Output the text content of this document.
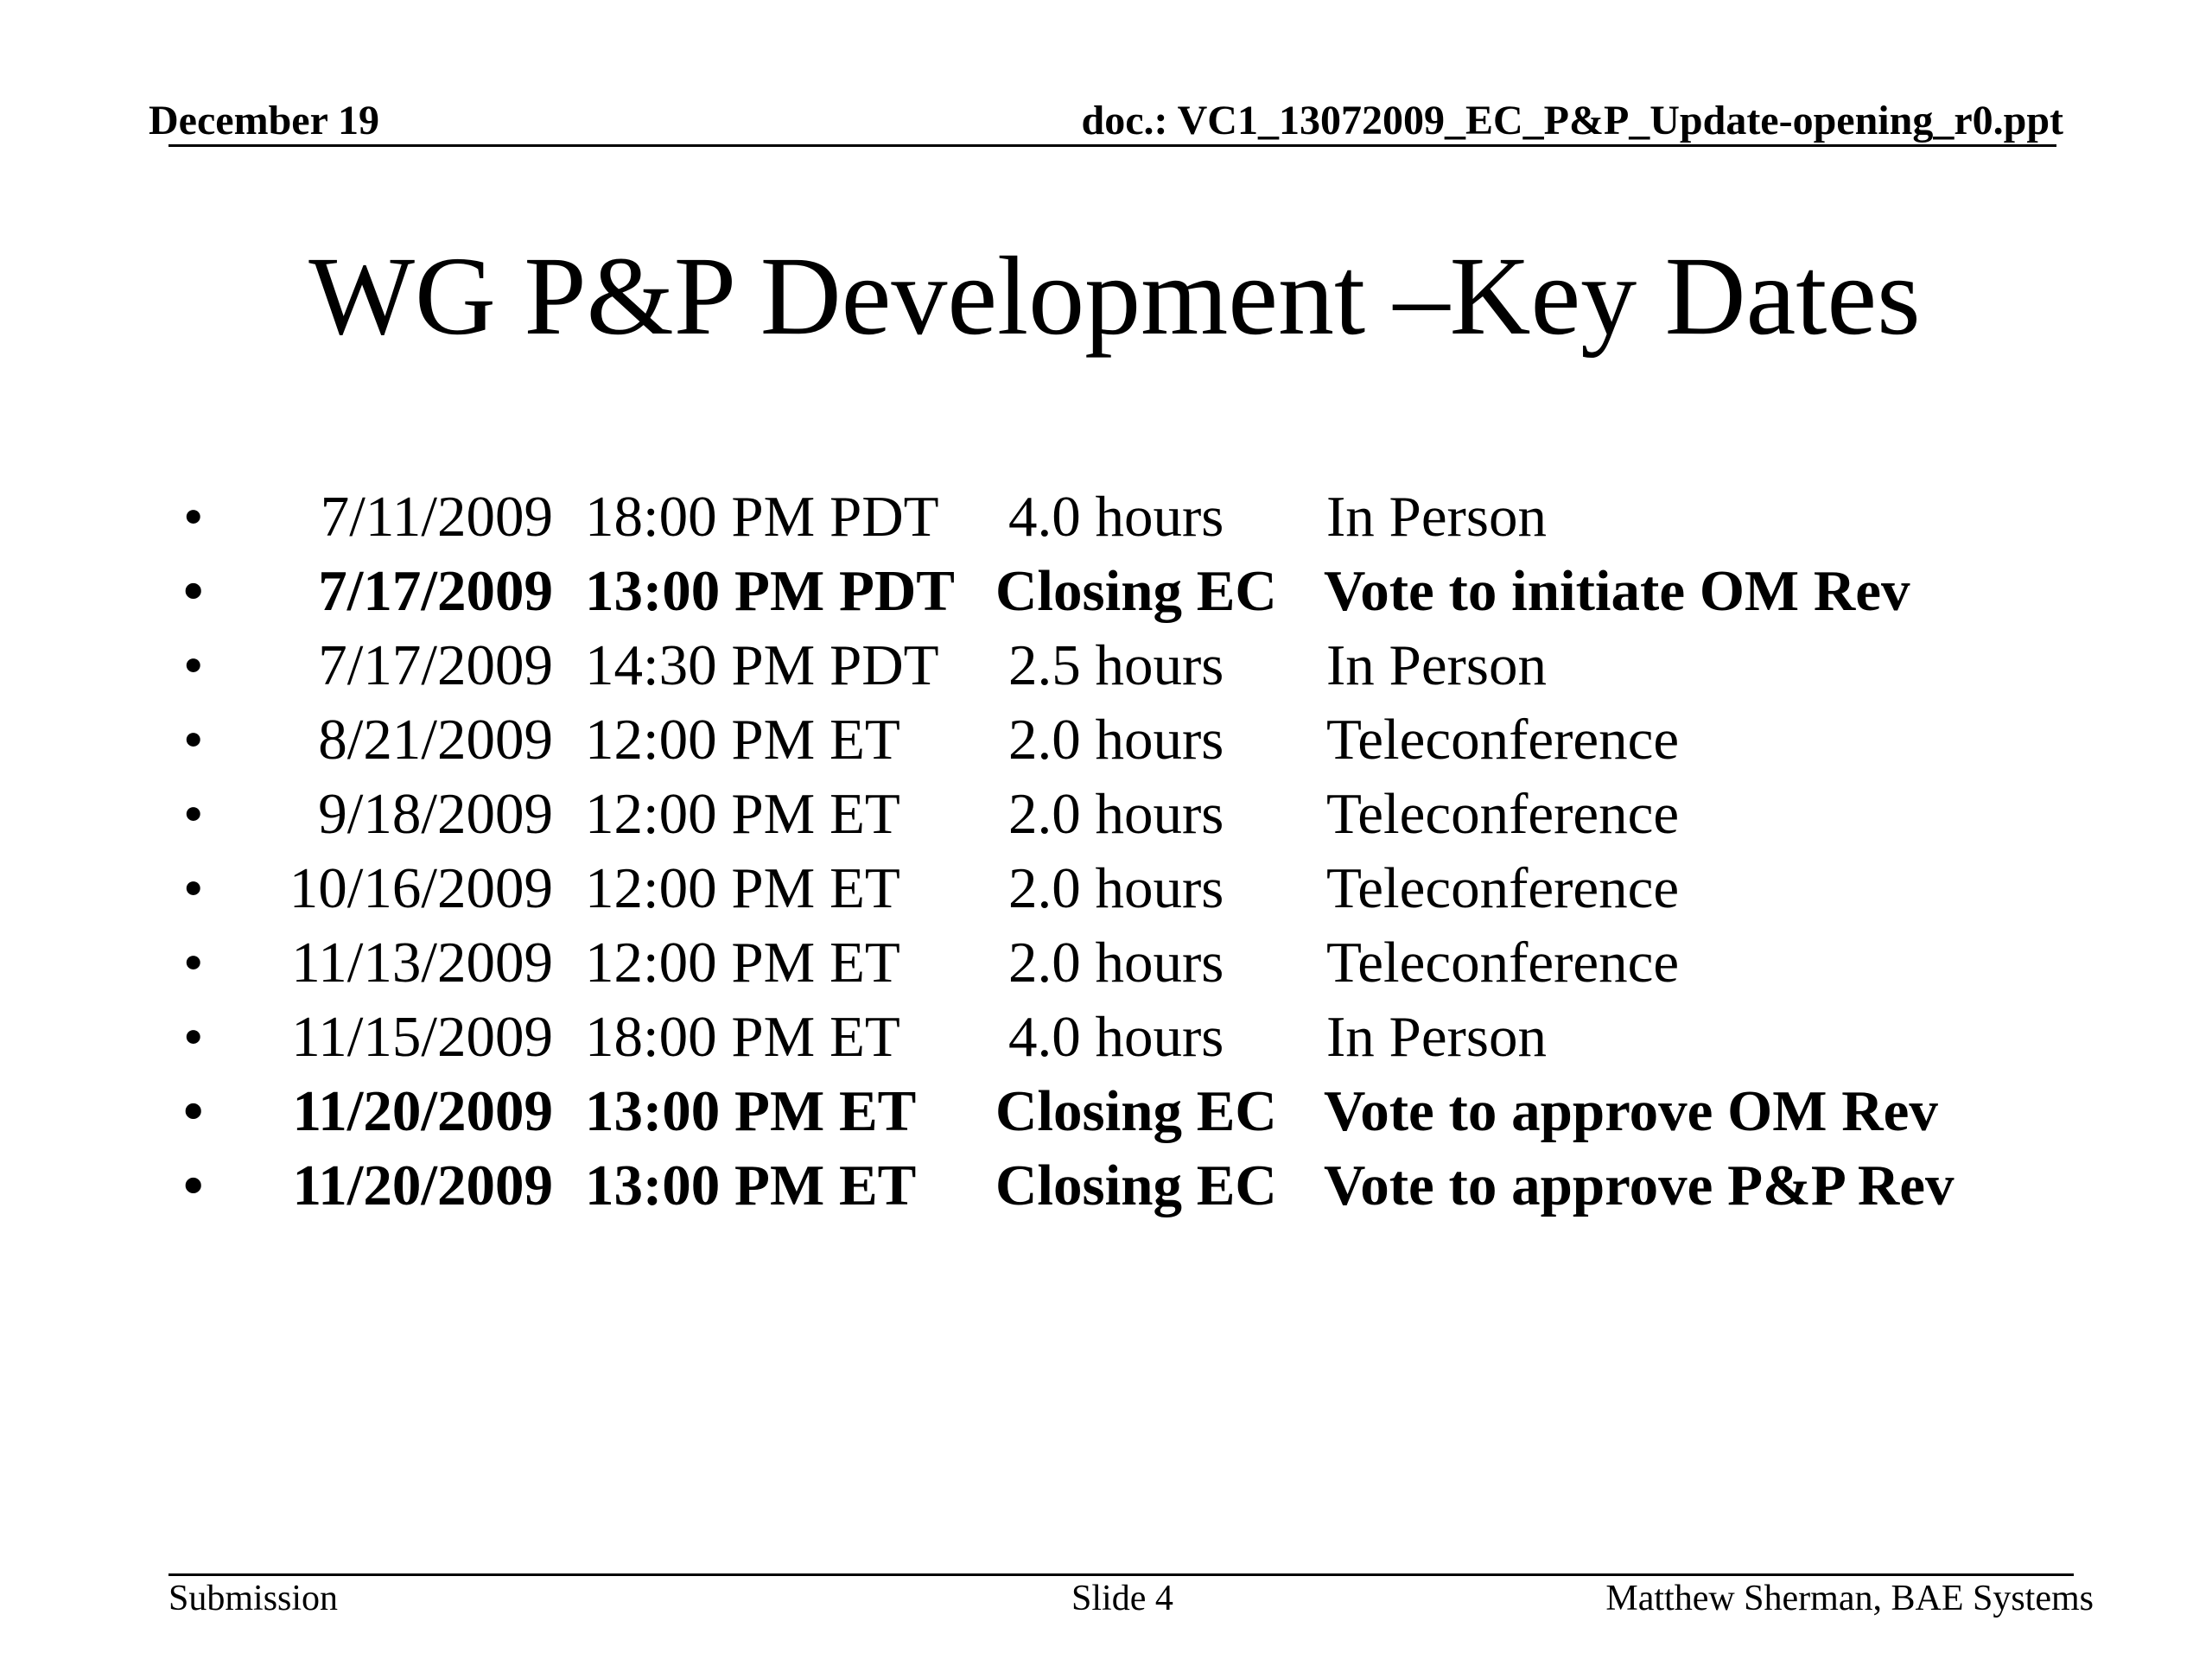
December 19	doc.: VC1_13072009_EC_P&P_Update-opening_r0.ppt
WG P&P Development –Key Dates
• 7/11/2009 18:00 PM PDT 4.0 hours In Person
• 7/17/2009 13:00 PM PDT Closing EC Vote to initiate OM Rev
• 7/17/2009 14:30 PM PDT 2.5 hours In Person
• 8/21/2009 12:00 PM ET 2.0 hours Teleconference
• 9/18/2009 12:00 PM ET 2.0 hours Teleconference
• 10/16/2009 12:00 PM ET 2.0 hours Teleconference
• 11/13/2009 12:00 PM ET 2.0 hours Teleconference
• 11/15/2009 18:00 PM ET 4.0 hours In Person
• 11/20/2009 13:00 PM ET Closing EC Vote to approve OM Rev
• 11/20/2009 13:00 PM ET Closing EC Vote to approve P&P Rev
Submission	Slide 4	Matthew Sherman, BAE Systems
